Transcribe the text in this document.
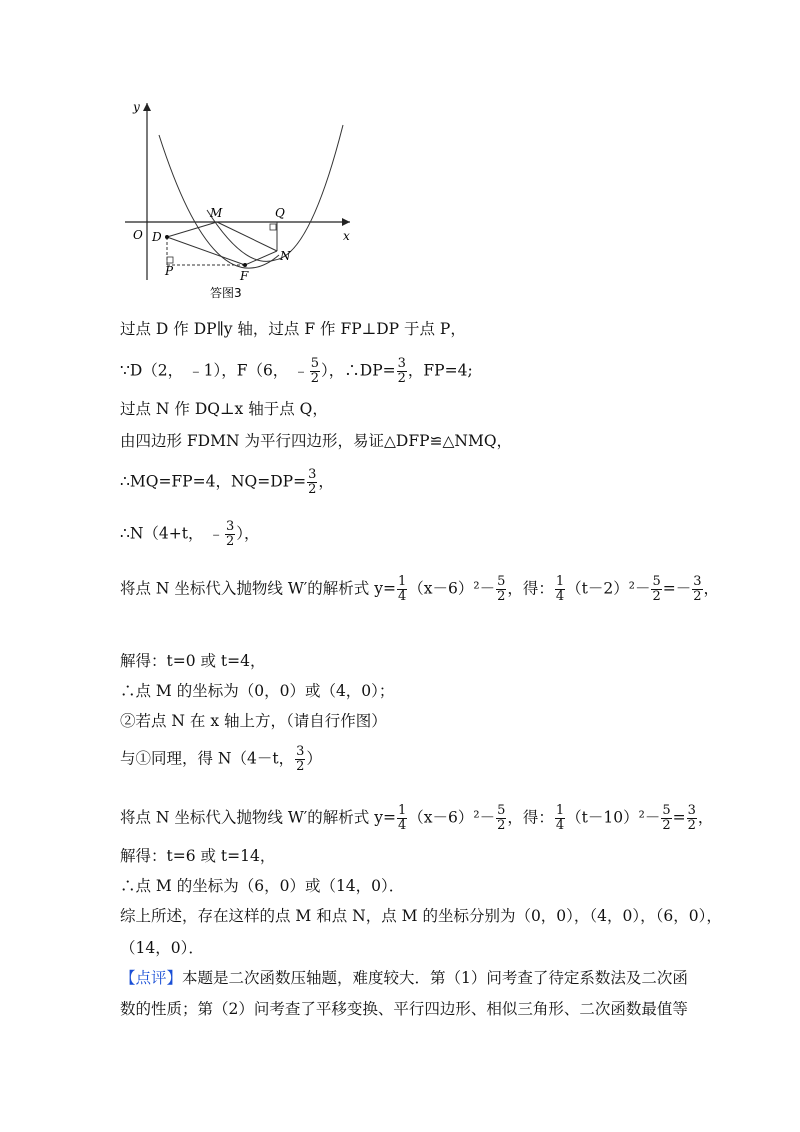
y
x
O
M	Q
D
P	F
N
答图3
过点 D 作 DP∥y 轴，过点 F 作 FP⊥DP 于点 P，
∵D（2， ﹣1），F（6， ﹣ $\frac{5}{2}$ ），∴DP= $\frac{3}{2}$ ，FP=4;
过点 N 作 DQ⊥x 轴于点 Q，
由四边形 FDMN 为平行四边形，易证△DFP≌△NMQ，
∴MQ=FP=4，$NQ=DP= \frac{3}{2}$ ，
∴N（4+t， ﹣ $\frac{3}{2}$ ），
将点 N 坐标代入抛物线 W′的解析式 $y= \frac{1}{4} (x-6)^2- \frac{5}{2}$ ，得： $\frac{1}{4} (t-2)^2- \frac{5}{2} =- \frac{3}{2}$ ，
解得：t=0 或 t=4，
∴点 M 的坐标为（0，0）或（4，0）；
②若点 N 在 x 轴上方，（请自行作图）
与①同理，得 N（4－t， $\frac{3}{2}$ ）
将点 N 坐标代入抛物线 W′的解析式 $y= \frac{1}{4} (x-6)^2- \frac{5}{2}$ ，得： $\frac{1}{4} (t-10)^2- \frac{5}{2} = \frac{3}{2}$ ，
解得：t=6 或 t=14，
∴点 M 的坐标为（6，0）或（14，0）．
综上所述，存在这样的点 M 和点 N，点 M 的坐标分别为（0，0），（4，0），（6，0），
（14，0）．
【点评】本题是二次函数压轴题，难度较大．第（1）问考查了待定系数法及二次函
数的性质；第（2）问考查了平移变换、平行四边形、相似三角形、二次函数最值等
